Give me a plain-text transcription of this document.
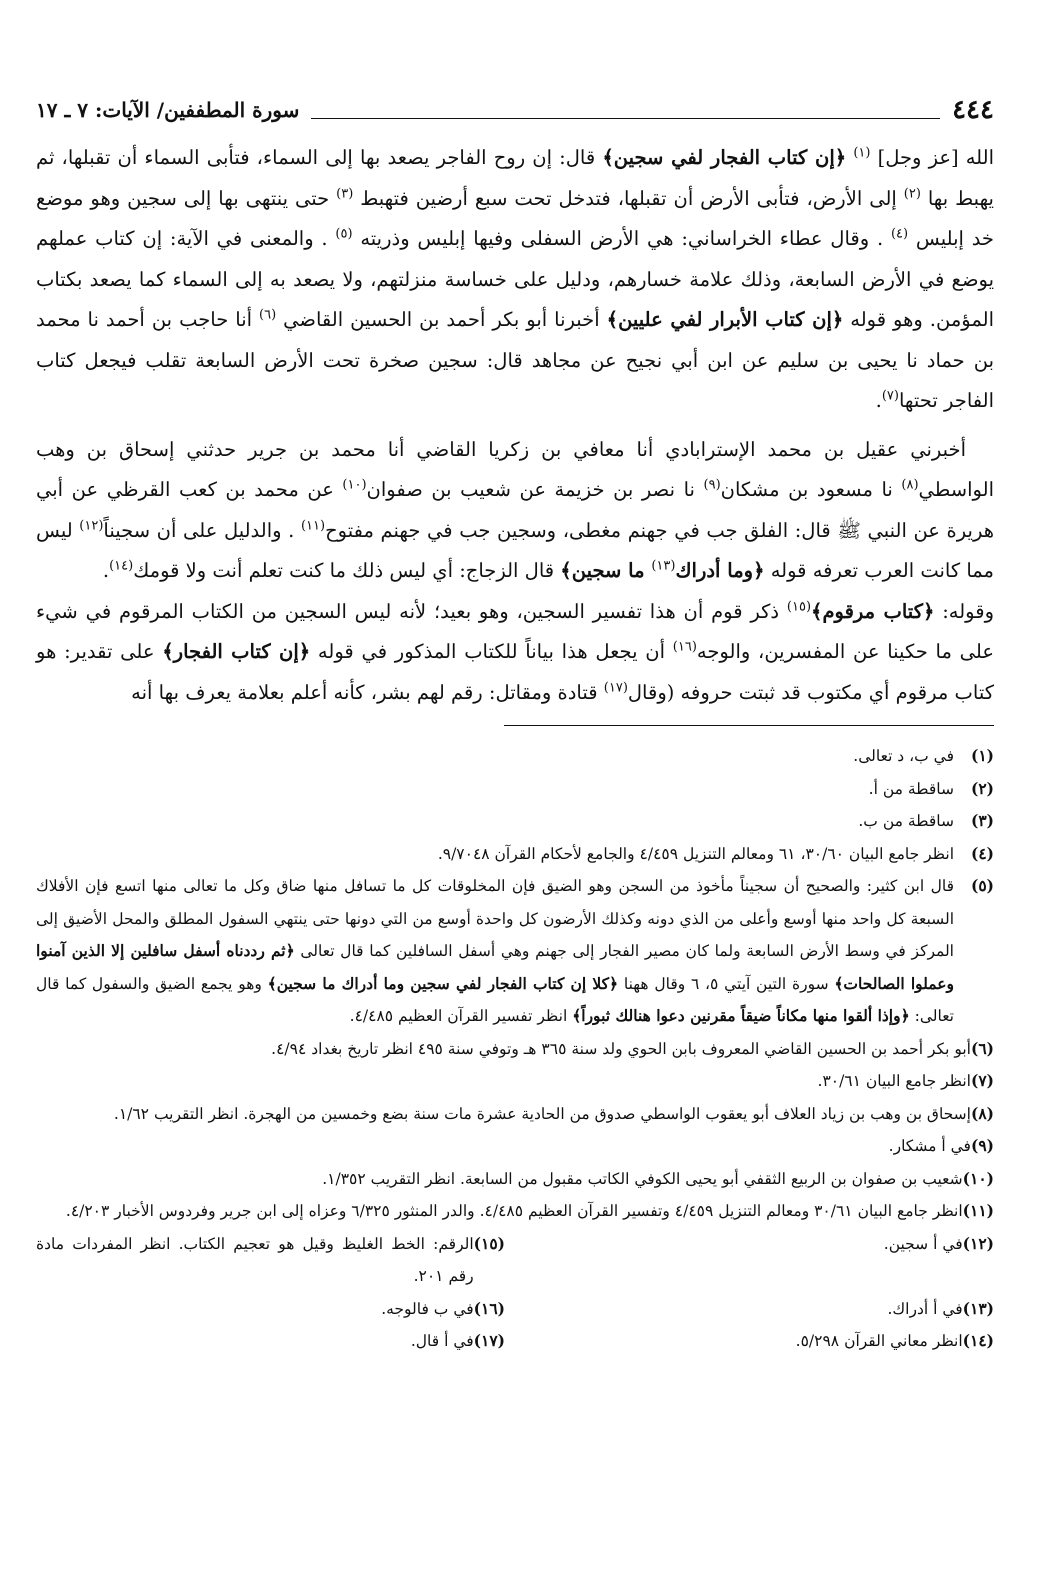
٤٤٤
سورة المطففين/ الآيات: ٧ ـ ١٧

الله [عز وجل] $^{(١)}$ ﴿إن كتاب الفجار لفي سجين﴾ قال: إن روح الفاجر يصعد بها إلى السماء، فتأبى السماء أن تقبلها، ثم يهبط بها $^{(٢)}$ إلى الأرض، فتأبى الأرض أن تقبلها، فتدخل تحت سبع أرضين فتهبط $^{(٣)}$ حتى ينتهى بها إلى سجين وهو موضع خد إبليس $^{(٤)}$ . وقال عطاء الخراساني: هي الأرض السفلى وفيها إبليس وذريته $^{(٥)}$ . والمعنى في الآية: إن كتاب عملهم يوضع في الأرض السابعة، وذلك علامة خسارهم، ودليل على خساسة منزلتهم، ولا يصعد به إلى السماء كما يصعد بكتاب المؤمن. وهو قوله ﴿إن كتاب الأبرار لفي عليين﴾ أخبرنا أبو بكر أحمد بن الحسين القاضي $^{(٦)}$ أنا حاجب بن أحمد نا محمد بن حماد نا يحيى بن سليم عن ابن أبي نجيح عن مجاهد قال: سجين صخرة تحت الأرض السابعة تقلب فيجعل كتاب الفاجر تحتها$^{(٧)}$.

أخبرني عقيل بن محمد الإسترابادي أنا معافي بن زكريا القاضي أنا محمد بن جرير حدثني إسحاق بن وهب الواسطي$^{(٨)}$ نا مسعود بن مشكان$^{(٩)}$ نا نصر بن خزيمة عن شعيب بن صفوان$^{(١٠)}$ عن محمد بن كعب القرظي عن أبي هريرة عن النبي ﷺ قال: الفلق جب في جهنم مغطى، وسجين جب في جهنم مفتوح$^{(١١)}$ . والدليل على أن سجيناً$^{(١٢)}$ ليس مما كانت العرب تعرفه قوله ﴿وما أدراك$^{(١٣)}$ ما سجين﴾ قال الزجاج: أي ليس ذلك ما كنت تعلم أنت ولا قومك$^{(١٤)}$.

وقوله: ﴿كتاب مرقوم﴾$^{(١٥)}$ ذكر قوم أن هذا تفسير السجين، وهو بعيد؛ لأنه ليس السجين من الكتاب المرقوم في شيء على ما حكينا عن المفسرين، والوجه$^{(١٦)}$ أن يجعل هذا بياناً للكتاب المذكور في قوله ﴿إن كتاب الفجار﴾ على تقدير: هو كتاب مرقوم أي مكتوب قد ثبتت حروفه (وقال$^{(١٧)}$ قتادة ومقاتل: رقم لهم بشر، كأنه أعلم بعلامة يعرف بها أنه

(١)
في ب، د تعالى.
(٢)
ساقطة من أ.
(٣)
ساقطة من ب.
(٤)
انظر جامع البيان ٣٠/٦٠، ٦١ ومعالم التنزيل ٤/٤٥٩ والجامع لأحكام القرآن ٩/٧٠٤٨.
(٥)
قال ابن كثير: والصحيح أن سجيناً مأخوذ من السجن وهو الضيق فإن المخلوقات كل ما تسافل منها ضاق وكل ما تعالى منها اتسع فإن الأفلاك السبعة كل واحد منها أوسع وأعلى من الذي دونه وكذلك الأرضون كل واحدة أوسع من التي دونها حتى ينتهي السفول المطلق والمحل الأضيق إلى المركز في وسط الأرض السابعة ولما كان مصير الفجار إلى جهنم وهي أسفل السافلين كما قال تعالى ﴿ثم رددناه أسفل سافلين إلا الذين آمنوا وعملوا الصالحات﴾ سورة التين آيتي ٥، ٦ وقال ههنا ﴿كلا إن كتاب الفجار لفي سجين وما أدراك ما سجين﴾ وهو يجمع الضيق والسفول كما قال تعالى: ﴿وإذا ألقوا منها مكاناً ضيقاً مقرنين دعوا هنالك ثبوراً﴾ انظر تفسير القرآن العظيم ٤/٤٨٥.
(٦)
أبو بكر أحمد بن الحسين القاضي المعروف بابن الحوي ولد سنة ٣٦٥ هـ وتوفي سنة ٤٩٥ انظر تاريخ بغداد ٤/٩٤.
(٧)
انظر جامع البيان ٣٠/٦١.
(٨)
إسحاق بن وهب بن زياد العلاف أبو يعقوب الواسطي صدوق من الحادية عشرة مات سنة بضع وخمسين من الهجرة. انظر التقريب ١/٦٢.
(٩)
في أ مشكار.
(١٠)
شعيب بن صفوان بن الربيع الثقفي أبو يحيى الكوفي الكاتب مقبول من السابعة. انظر التقريب ١/٣٥٢.
(١١)
انظر جامع البيان ٣٠/٦١ ومعالم التنزيل ٤/٤٥٩ وتفسير القرآن العظيم ٤/٤٨٥. والدر المنثور ٦/٣٢٥ وعزاه إلى ابن جرير وفردوس الأخبار ٤/٢٠٣.
(١٢)
في أ سجين.
(١٥)
الرقم: الخط الغليظ وقيل هو تعجيم الكتاب. انظر المفردات مادة رقم ٢٠١.
(١٣)
في أ أدراك.
(١٦)
في ب فالوجه.
(١٤)
انظر معاني القرآن ٥/٢٩٨.
(١٧)
في أ قال.
